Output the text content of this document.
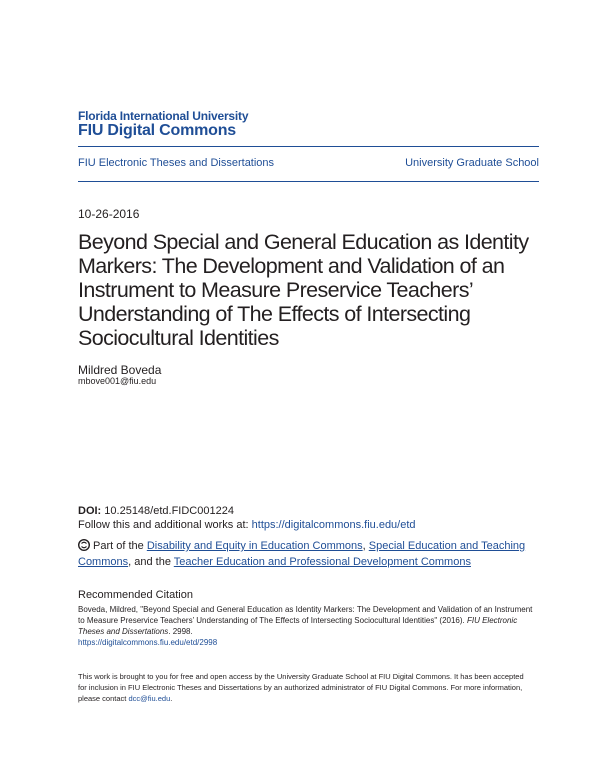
Florida International University
FIU Digital Commons
FIU Electronic Theses and Dissertations	University Graduate School
10-26-2016
Beyond Special and General Education as Identity
Markers: The Development and Validation of an
Instrument to Measure Preservice Teachers’
Understanding of The Effects of Intersecting
Sociocultural Identities
Mildred Boveda
mbove001@fiu.edu
DOI: 10.25148/etd.FIDC001224
Follow this and additional works at: https://digitalcommons.fiu.edu/etd
Part of the Disability and Equity in Education Commons, Special Education and Teaching
Commons, and the Teacher Education and Professional Development Commons
Recommended Citation
Boveda, Mildred, "Beyond Special and General Education as Identity Markers: The Development and Validation of an Instrument to Measure Preservice Teachers’ Understanding of The Effects of Intersecting Sociocultural Identities" (2016). FIU Electronic Theses and Dissertations. 2998.
https://digitalcommons.fiu.edu/etd/2998
This work is brought to you for free and open access by the University Graduate School at FIU Digital Commons. It has been accepted for inclusion in FIU Electronic Theses and Dissertations by an authorized administrator of FIU Digital Commons. For more information, please contact dcc@fiu.edu.
